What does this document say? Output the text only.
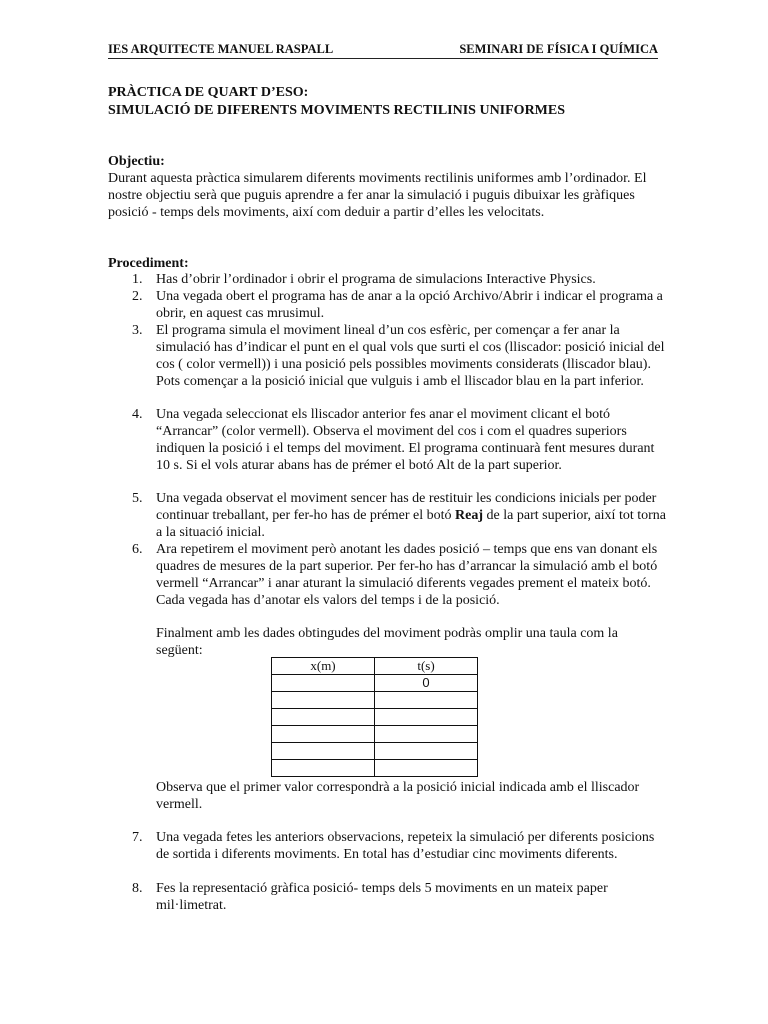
IES ARQUITECTE MANUEL RASPALL	SEMINARI DE FÍSICA I QUÍMICA
PRÀCTICA DE QUART D’ESO:
SIMULACIÓ DE DIFERENTS MOVIMENTS RECTILINIS UNIFORMES
Objectiu:
Durant aquesta pràctica simularem diferents moviments rectilinis uniformes amb l’ordinador. El nostre objectiu serà que puguis aprendre a fer anar la simulació i puguis dibuixar les gràfiques posició - temps dels moviments, així com deduir a partir d’elles les velocitats.
Procediment:
1. Has d’obrir l’ordinador i obrir el programa de simulacions Interactive Physics.
2. Una vegada obert el programa has de anar a la opció Archivo/Abrir i indicar el programa a obrir, en aquest cas mrusimul.
3. El programa simula el moviment lineal d’un cos esfèric, per començar a fer anar la simulació has d’indicar el punt en el qual vols que surti el cos (lliscador: posició inicial del cos ( color vermell)) i una posició pels possibles moviments considerats (lliscador blau). Pots començar a la posició inicial que vulguis i amb el lliscador blau en la part inferior.
4. Una vegada seleccionat els lliscador anterior fes anar el moviment clicant el botó “Arrancar” (color vermell). Observa el moviment del cos i com el quadres superiors indiquen la posició i el temps del moviment. El programa continuarà fent mesures durant 10 s. Si el vols aturar abans has de prémer el botó Alt de la part superior.
5. Una vegada observat el moviment sencer has de restituir les condicions inicials per poder continuar treballant, per fer-ho has de prémer el botó Reaj de la part superior, així tot torna a la situació inicial.
6. Ara repetirem el moviment però anotant les dades posició – temps que ens van donant els quadres de mesures de la part superior. Per fer-ho has d’arrancar la simulació amb el botó vermell “Arrancar” i anar aturant la simulació diferents vegades prement el mateix botó. Cada vegada has d’anotar els valors del temps i de la posició.
Finalment amb les dades obtingudes del moviment podràs omplir una taula com la següent:
x(m)	t(s)
	0

Observa que el primer valor correspondrà a la posició inicial indicada amb el lliscador vermell.
7. Una vegada fetes les anteriors observacions, repeteix la simulació per diferents posicions de sortida i diferents moviments. En total has d’estudiar cinc moviments diferents.
8. Fes la representació gràfica posició- temps dels 5 moviments en un mateix paper mil·limetrat.
